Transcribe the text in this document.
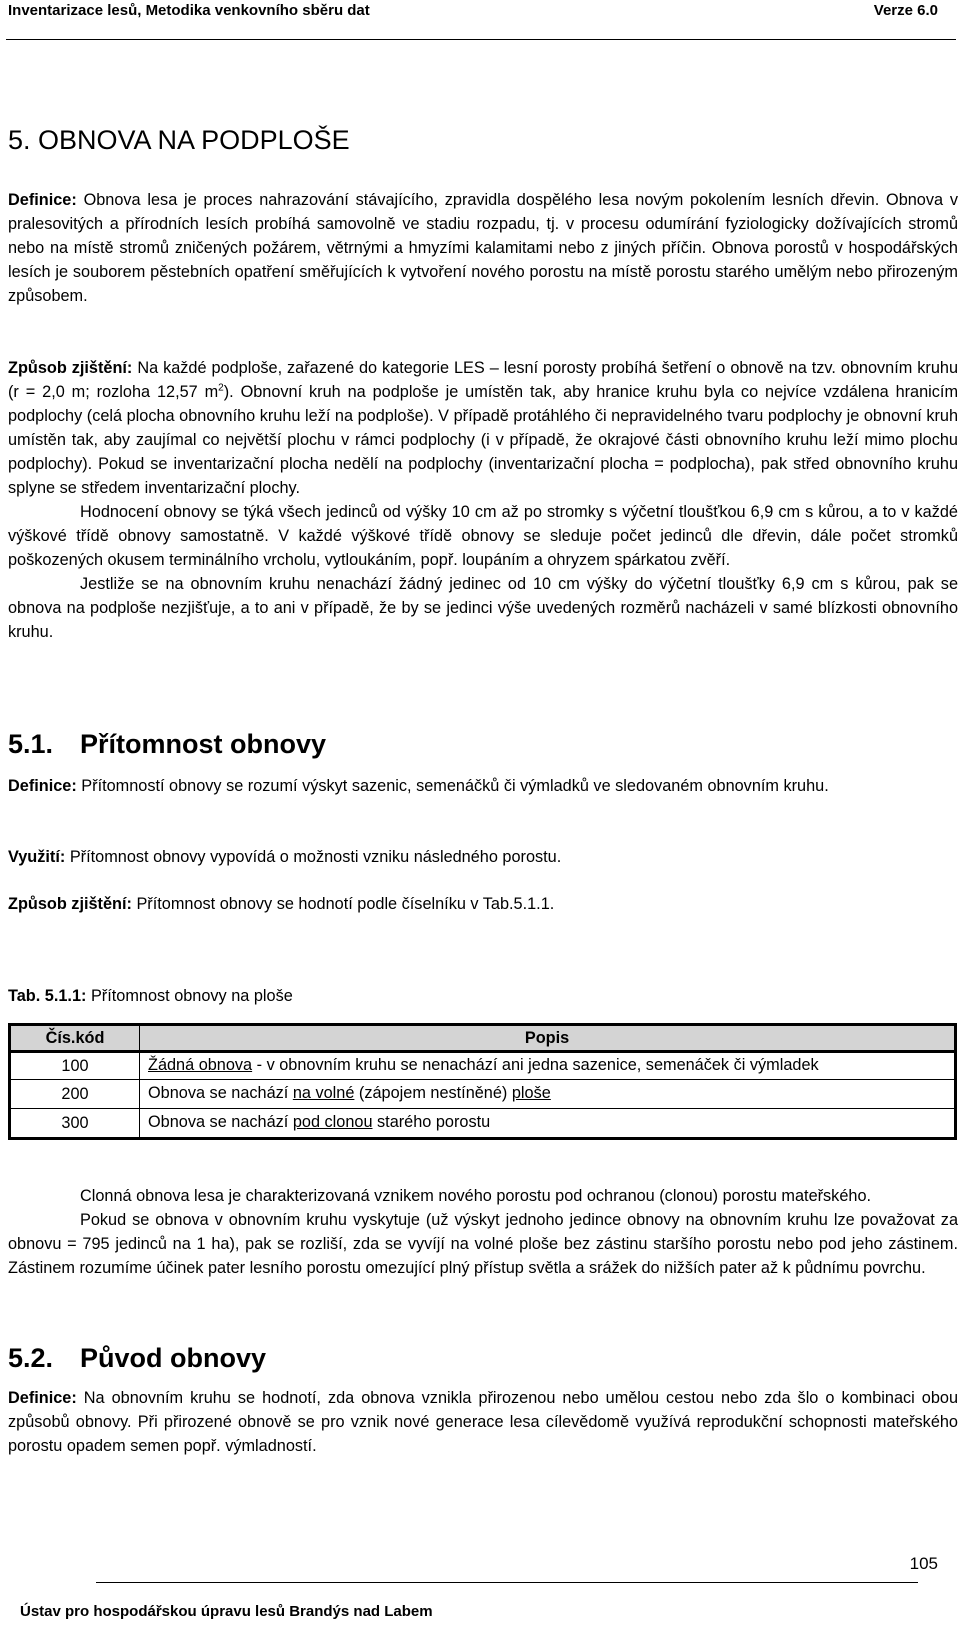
Inventarizace lesů, Metodika venkovního sběru dat	Verze 6.0
5. OBNOVA NA PODPLOŠE

Definice: Obnova lesa je proces nahrazování stávajícího, zpravidla dospělého lesa novým pokolením lesních dřevin. Obnova v pralesovitých a přírodních lesích probíhá samovolně ve stadiu rozpadu, tj. v procesu odumírání fyziologicky dožívajících stromů nebo na místě stromů zničených požárem, větrnými a hmyzími kalamitami nebo z jiných příčin. Obnova porostů v hospodářských lesích je souborem pěstebních opatření směřujících k vytvoření nového porostu na místě porostu starého umělým nebo přirozeným způsobem.

Způsob zjištění: Na každé podploše, zařazené do kategorie LES – lesní porosty probíhá šetření o obnově na tzv. obnovním kruhu (r = 2,0 m; rozloha 12,57 $m^2$). Obnovní kruh na podploše je umístěn tak, aby hranice kruhu byla co nejvíce vzdálena hranicím podplochy (celá plocha obnovního kruhu leží na podploše). V případě protáhlého či nepravidelného tvaru podplochy je obnovní kruh umístěn tak, aby zaujímal co největší plochu v rámci podplochy (i v případě, že okrajové části obnovního kruhu leží mimo plochu podplochy). Pokud se inventarizační plocha nedělí na podplochy (inventarizační plocha = podplocha), pak střed obnovního kruhu splyne se středem inventarizační plochy.

Hodnocení obnovy se týká všech jedinců od výšky 10 cm až po stromky s výčetní tloušťkou 6,9 cm s kůrou, a to v každé výškové třídě obnovy samostatně. V každé výškové třídě obnovy se sleduje počet jedinců dle dřevin, dále počet stromků poškozených okusem terminálního vrcholu, vytloukáním, popř. loupáním a ohryzem spárkatou zvěří.

Jestliže se na obnovním kruhu nenachází žádný jedinec od 10 cm výšky do výčetní tloušťky 6,9 cm s kůrou, pak se obnova na podploše nezjišťuje, a to ani v případě, že by se jedinci výše uvedených rozměrů nacházeli v samé blízkosti obnovního kruhu.

5.1. Přítomnost obnovy

Definice: Přítomností obnovy se rozumí výskyt sazenic, semenáčků či výmladků ve sledovaném obnovním kruhu.

Využití: Přítomnost obnovy vypovídá o možnosti vzniku následného porostu.

Způsob zjištění: Přítomnost obnovy se hodnotí podle číselníku v Tab.5.1.1.

Tab. 5.1.1: Přítomnost obnovy na ploše

Čís.kód	Popis
100	Žádná obnova - v obnovním kruhu se nenachází ani jedna sazenice, semenáček či výmladek
200	Obnova se nachází na volné (zápojem nestíněné) ploše
300	Obnova se nachází pod clonou starého porostu

Clonná obnova lesa je charakterizovaná vznikem nového porostu pod ochranou (clonou) porostu mateřského.

Pokud se obnova v obnovním kruhu vyskytuje (už výskyt jednoho jedince obnovy na obnovním kruhu lze považovat za obnovu = 795 jedinců na 1 ha), pak se rozliší, zda se vyvíjí na volné ploše bez zástinu staršího porostu nebo pod jeho zástinem. Zástinem rozumíme účinek pater lesního porostu omezující plný přístup světla a srážek do nižších pater až k půdnímu povrchu.

5.2. Původ obnovy

Definice: Na obnovním kruhu se hodnotí, zda obnova vznikla přirozenou nebo umělou cestou nebo zda šlo o kombinaci obou způsobů obnovy. Při přirozené obnově se pro vznik nové generace lesa cílevědomě využívá reprodukční schopnosti mateřského porostu opadem semen popř. výmladností.

105
Ústav pro hospodářskou úpravu lesů Brandýs nad Labem
